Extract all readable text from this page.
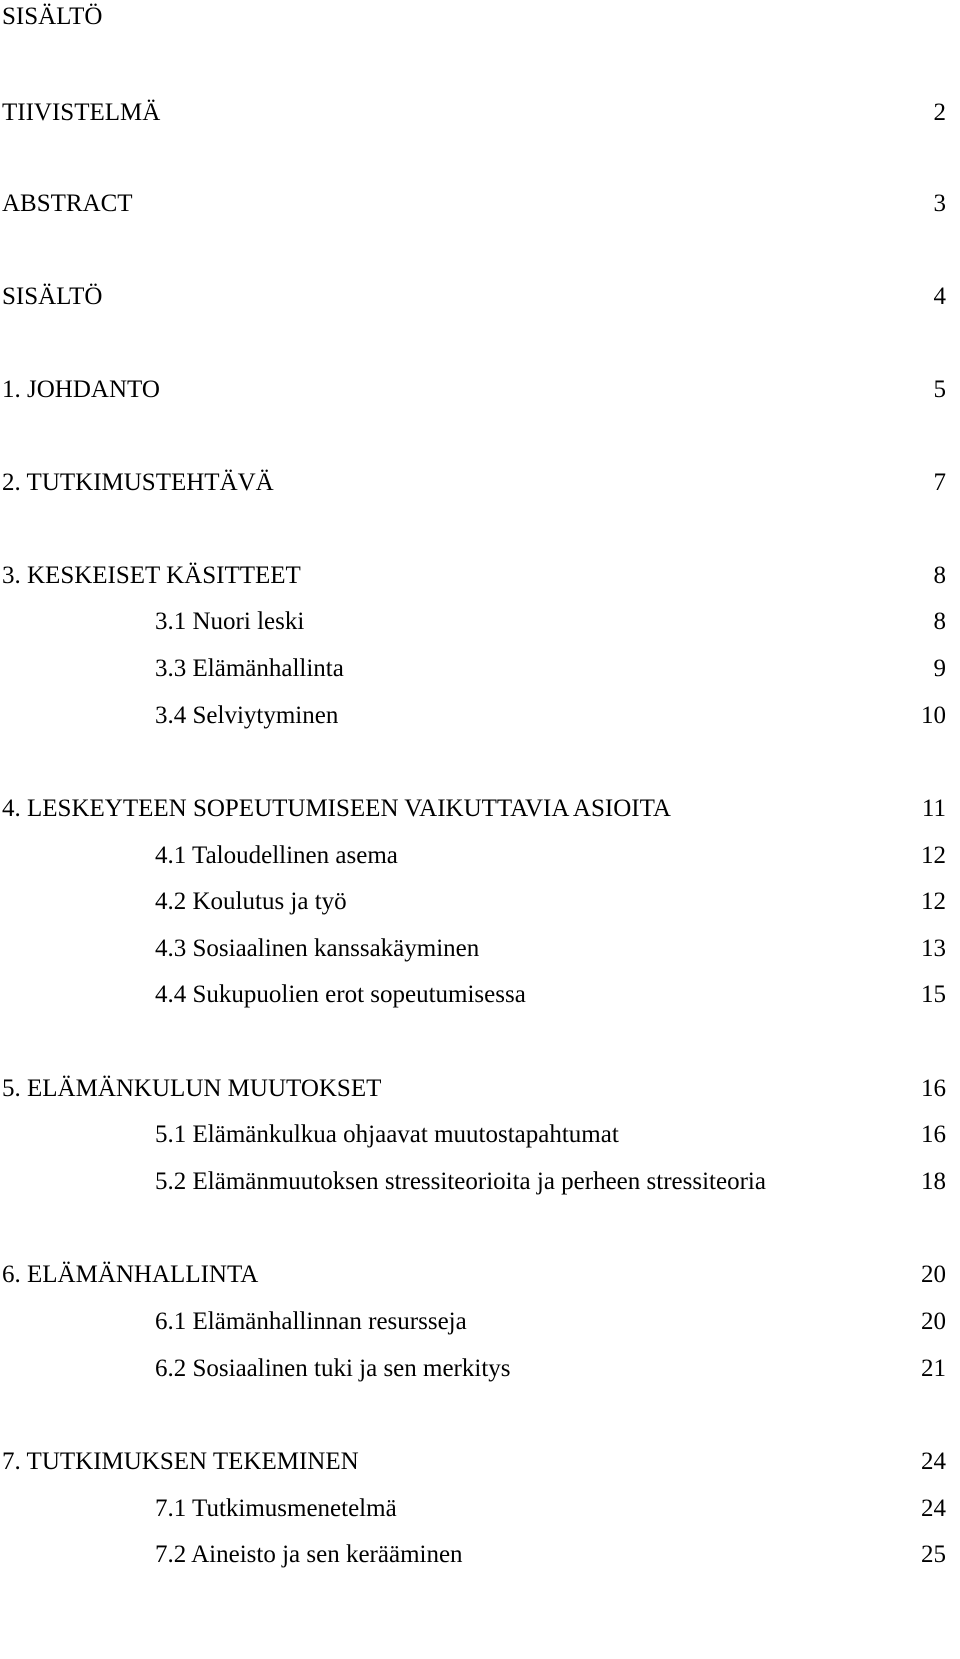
SISÄLTÖ
TIIVISTELMÄ	2
ABSTRACT	3
SISÄLTÖ	4
1. JOHDANTO	5
2. TUTKIMUSTEHTÄVÄ	7
3. KESKEISET KÄSITTEET	8
3.1 Nuori leski	8
3.3 Elämänhallinta	9
3.4 Selviytyminen	10
4. LESKEYTEEN SOPEUTUMISEEN VAIKUTTAVIA ASIOITA	11
4.1 Taloudellinen asema	12
4.2 Koulutus ja työ	12
4.3 Sosiaalinen kanssakäyminen	13
4.4 Sukupuolien erot sopeutumisessa	15
5. ELÄMÄNKULUN MUUTOKSET	16
5.1 Elämänkulkua ohjaavat muutostapahtumat	16
5.2 Elämänmuutoksen stressiteorioita ja perheen stressiteoria	18
6. ELÄMÄNHALLINTA	20
6.1 Elämänhallinnan resursseja	20
6.2 Sosiaalinen tuki ja sen merkitys	21
7. TUTKIMUKSEN TEKEMINEN	24
7.1 Tutkimusmenetelmä	24
7.2 Aineisto ja sen kerääminen	25
